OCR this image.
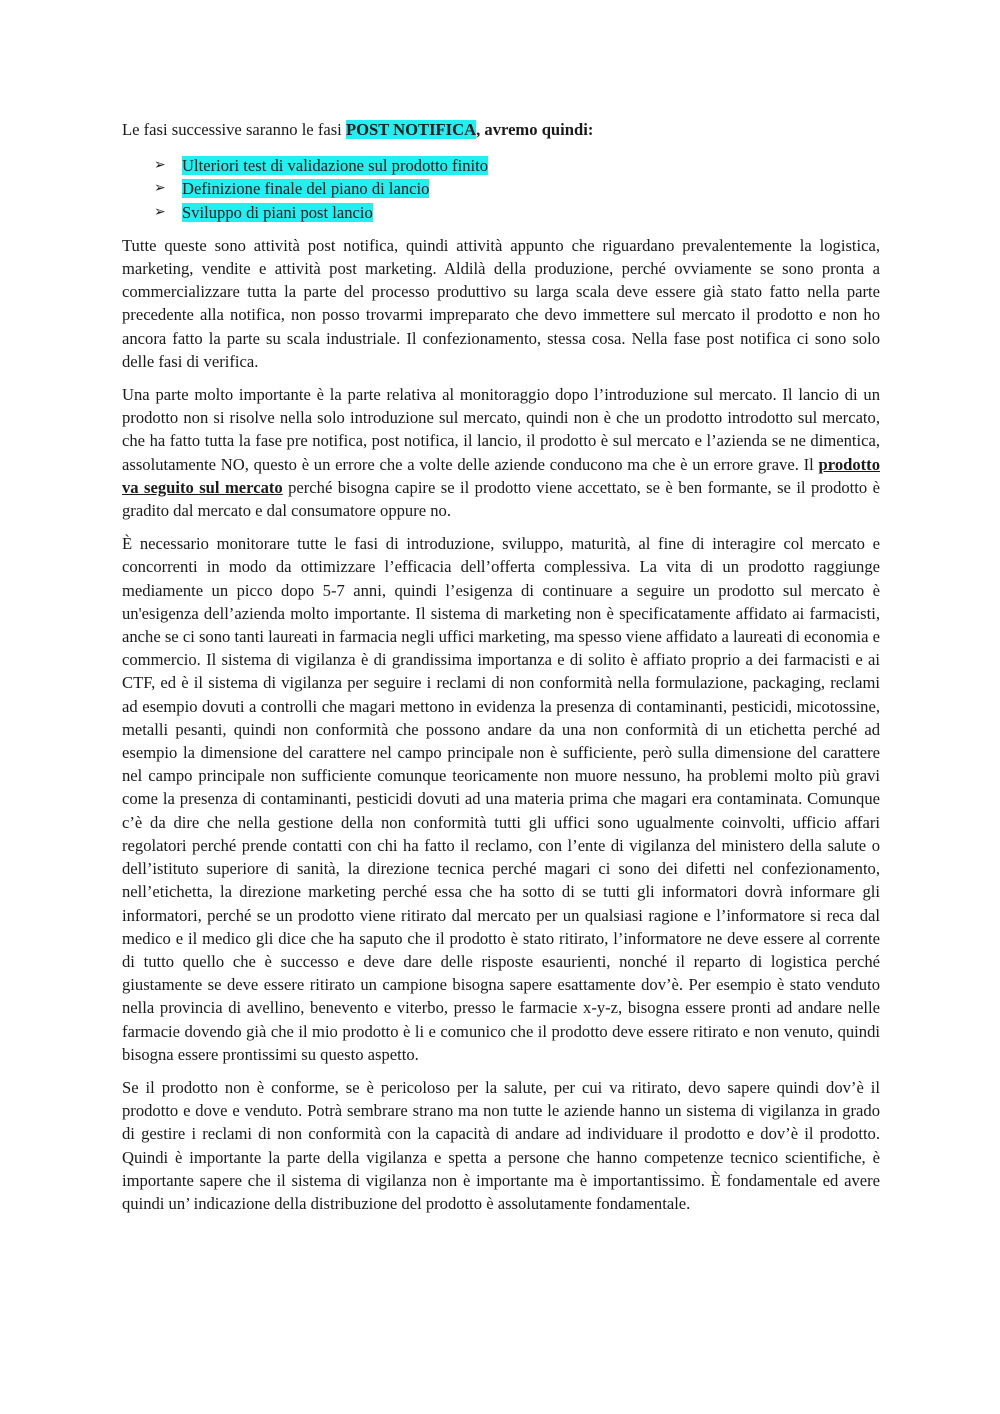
Le fasi successive saranno le fasi POST NOTIFICA, avremo quindi:

➢ Ulteriori test di validazione sul prodotto finito
➢ Definizione finale del piano di lancio
➢ Sviluppo di piani post lancio

Tutte queste sono attività post notifica, quindi attività appunto che riguardano prevalentemente la logistica, marketing, vendite e attività post marketing. Aldilà della produzione, perché ovviamente se sono pronta a commercializzare tutta la parte del processo produttivo su larga scala deve essere già stato fatto nella parte precedente alla notifica, non posso trovarmi impreparato che devo immettere sul mercato il prodotto e non ho ancora fatto la parte su scala industriale. Il confezionamento, stessa cosa. Nella fase post notifica ci sono solo delle fasi di verifica.

Una parte molto importante è la parte relativa al monitoraggio dopo l’introduzione sul mercato. Il lancio di un prodotto non si risolve nella solo introduzione sul mercato, quindi non è che un prodotto introdotto sul mercato, che ha fatto tutta la fase pre notifica, post notifica, il lancio, il prodotto è sul mercato e l’azienda se ne dimentica, assolutamente NO, questo è un errore che a volte delle aziende conducono ma che è un errore grave. Il prodotto va seguito sul mercato perché bisogna capire se il prodotto viene accettato, se è ben formante, se il prodotto è gradito dal mercato e dal consumatore oppure no.

È necessario monitorare tutte le fasi di introduzione, sviluppo, maturità, al fine di interagire col mercato e concorrenti in modo da ottimizzare l’efficacia dell’offerta complessiva. La vita di un prodotto raggiunge mediamente un picco dopo 5-7 anni, quindi l’esigenza di continuare a seguire un prodotto sul mercato è un'esigenza dell’azienda molto importante. Il sistema di marketing non è specificatamente affidato ai farmacisti, anche se ci sono tanti laureati in farmacia negli uffici marketing, ma spesso viene affidato a laureati di economia e commercio. Il sistema di vigilanza è di grandissima importanza e di solito è affiato proprio a dei farmacisti e ai CTF, ed è il sistema di vigilanza per seguire i reclami di non conformità nella formulazione, packaging, reclami ad esempio dovuti a controlli che magari mettono in evidenza la presenza di contaminanti, pesticidi, micotossine, metalli pesanti, quindi non conformità che possono andare da una non conformità di un etichetta perché ad esempio la dimensione del carattere nel campo principale non è sufficiente, però sulla dimensione del carattere nel campo principale non sufficiente comunque teoricamente non muore nessuno, ha problemi molto più gravi come la presenza di contaminanti, pesticidi dovuti ad una materia prima che magari era contaminata. Comunque c’è da dire che nella gestione della non conformità tutti gli uffici sono ugualmente coinvolti, ufficio affari regolatori perché prende contatti con chi ha fatto il reclamo, con l’ente di vigilanza del ministero della salute o dell’istituto superiore di sanità, la direzione tecnica perché magari ci sono dei difetti nel confezionamento, nell’etichetta, la direzione marketing perché essa che ha sotto di se tutti gli informatori dovrà informare gli informatori, perché se un prodotto viene ritirato dal mercato per un qualsiasi ragione e l’informatore si reca dal medico e il medico gli dice che ha saputo che il prodotto è stato ritirato, l’informatore ne deve essere al corrente di tutto quello che è successo e deve dare delle risposte esaurienti, nonché il reparto di logistica perché giustamente se deve essere ritirato un campione bisogna sapere esattamente dov’è. Per esempio è stato venduto nella provincia di avellino, benevento e viterbo, presso le farmacie x-y-z, bisogna essere pronti ad andare nelle farmacie dovendo già che il mio prodotto è li e comunico che il prodotto deve essere ritirato e non venuto, quindi bisogna essere prontissimi su questo aspetto.

Se il prodotto non è conforme, se è pericoloso per la salute, per cui va ritirato, devo sapere quindi dov’è il prodotto e dove e venduto. Potrà sembrare strano ma non tutte le aziende hanno un sistema di vigilanza in grado di gestire i reclami di non conformità con la capacità di andare ad individuare il prodotto e dov’è il prodotto. Quindi è importante la parte della vigilanza e spetta a persone che hanno competenze tecnico scientifiche, è importante sapere che il sistema di vigilanza non è importante ma è importantissimo. È fondamentale ed avere quindi un’ indicazione della distribuzione del prodotto è assolutamente fondamentale.
